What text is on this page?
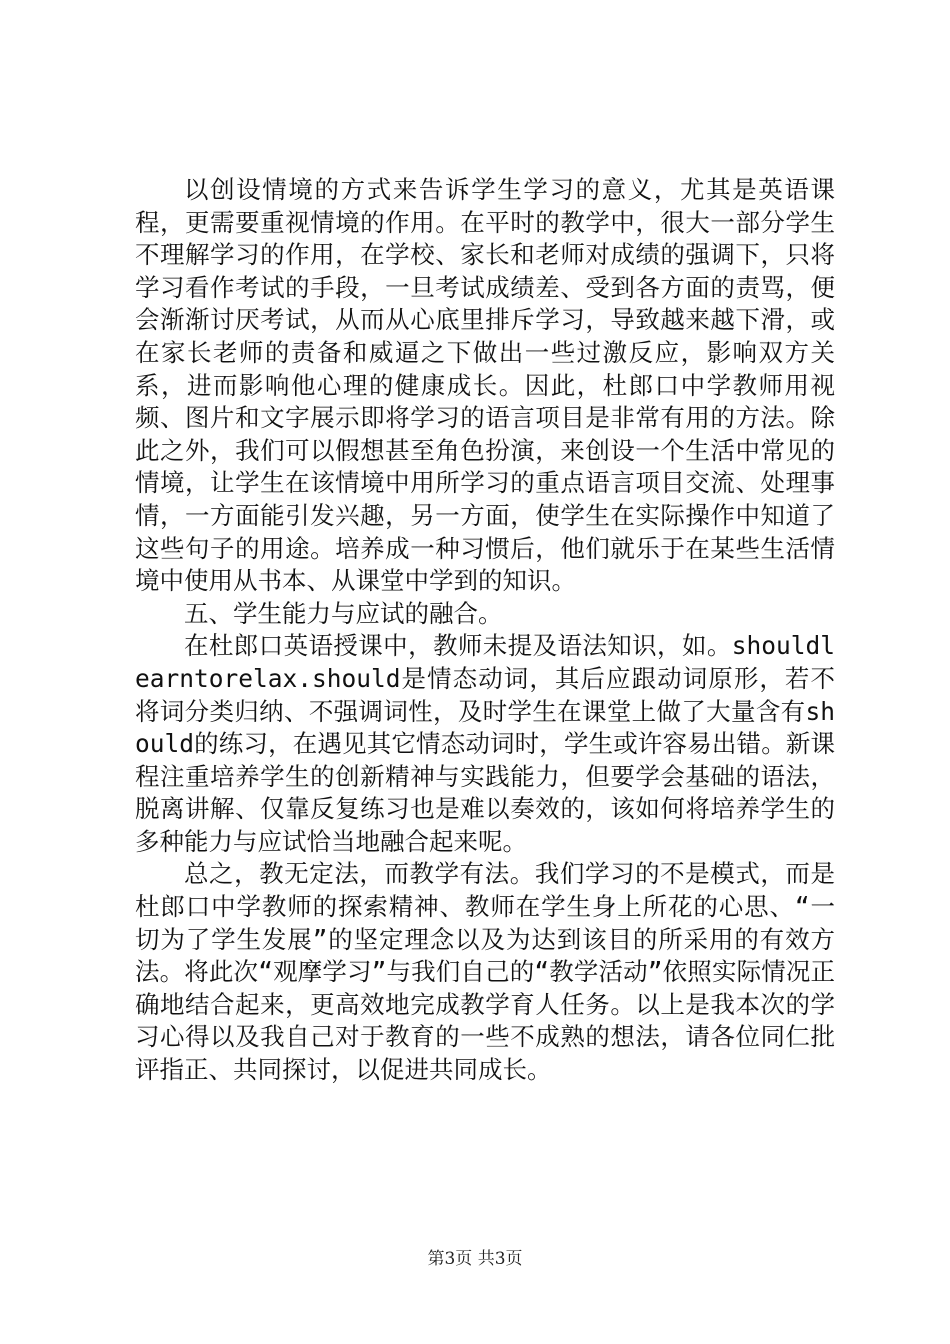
以创设情境的方式来告诉学生学习的意义，尤其是英语课程，更需要重视情境的作用。在平时的教学中，很大一部分学生不理解学习的作用，在学校、家长和老师对成绩的强调下，只将学习看作考试的手段，一旦考试成绩差、受到各方面的责骂，便会渐渐讨厌考试，从而从心底里排斥学习，导致越来越下滑，或在家长老师的责备和威逼之下做出一些过激反应，影响双方关系，进而影响他心理的健康成长。因此，杜郎口中学教师用视频、图片和文字展示即将学习的语言项目是非常有用的方法。除此之外，我们可以假想甚至角色扮演，来创设一个生活中常见的情境，让学生在该情境中用所学习的重点语言项目交流、处理事情，一方面能引发兴趣，另一方面，使学生在实际操作中知道了这些句子的用途。培养成一种习惯后，他们就乐于在某些生活情境中使用从书本、从课堂中学到的知识。

五、学生能力与应试的融合。

在杜郎口英语授课中，教师未提及语法知识，如。shouldlearntorelax.should是情态动词，其后应跟动词原形，若不将词分类归纳、不强调词性，及时学生在课堂上做了大量含有should的练习，在遇见其它情态动词时，学生或许容易出错。新课程注重培养学生的创新精神与实践能力，但要学会基础的语法，脱离讲解、仅靠反复练习也是难以奏效的，该如何将培养学生的多种能力与应试恰当地融合起来呢。

总之，教无定法，而教学有法。我们学习的不是模式，而是杜郎口中学教师的探索精神、教师在学生身上所花的心思、“一切为了学生发展”的坚定理念以及为达到该目的所采用的有效方法。将此次“观摩学习”与我们自己的“教学活动”依照实际情况正确地结合起来，更高效地完成教学育人任务。以上是我本次的学习心得以及我自己对于教育的一些不成熟的想法，请各位同仁批评指正、共同探讨，以促进共同成长。

第3页 共3页
